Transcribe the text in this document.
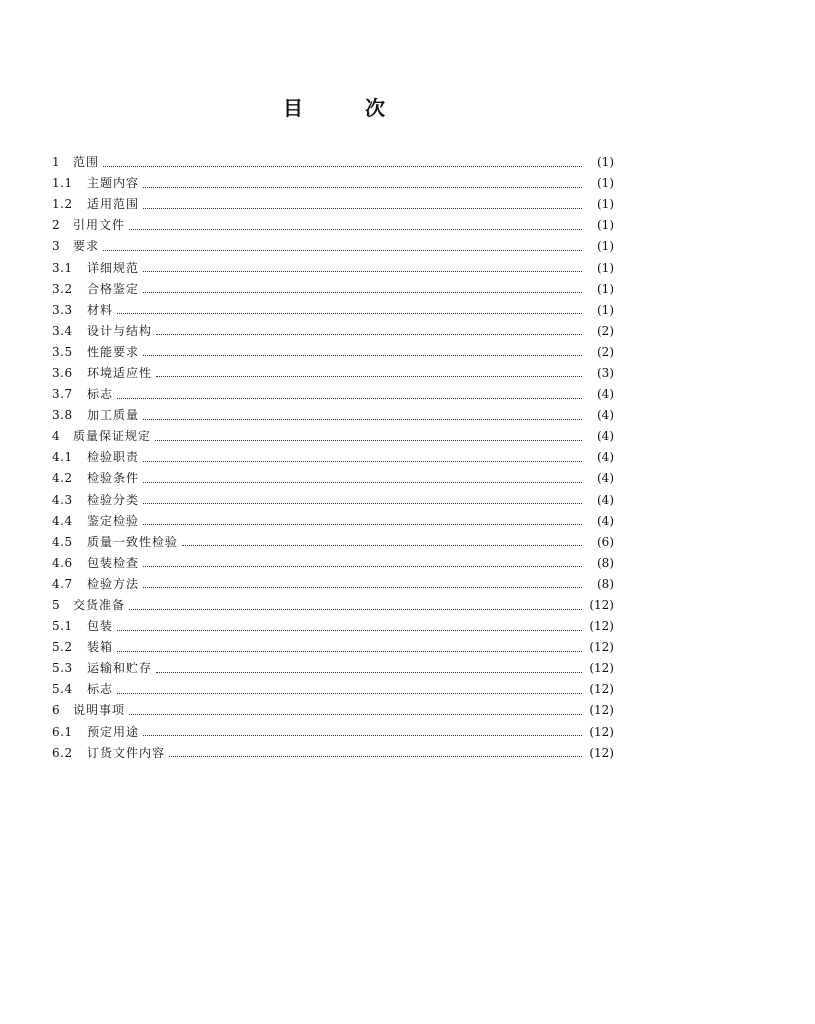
目	次
1	范围	(1)
1.1	主题内容	(1)
1.2	适用范围	(1)
2	引用文件	(1)
3	要求	(1)
3.1	详细规范	(1)
3.2	合格鉴定	(1)
3.3	材料	(1)
3.4	设计与结构	(2)
3.5	性能要求	(2)
3.6	环境适应性	(3)
3.7	标志	(4)
3.8	加工质量	(4)
4	质量保证规定	(4)
4.1	检验职责	(4)
4.2	检验条件	(4)
4.3	检验分类	(4)
4.4	鉴定检验	(4)
4.5	质量一致性检验	(6)
4.6	包装检查	(8)
4.7	检验方法	(8)
5	交货准备	(12)
5.1	包装	(12)
5.2	装箱	(12)
5.3	运输和贮存	(12)
5.4	标志	(12)
6	说明事项	(12)
6.1	预定用途	(12)
6.2	订货文件内容	(12)
